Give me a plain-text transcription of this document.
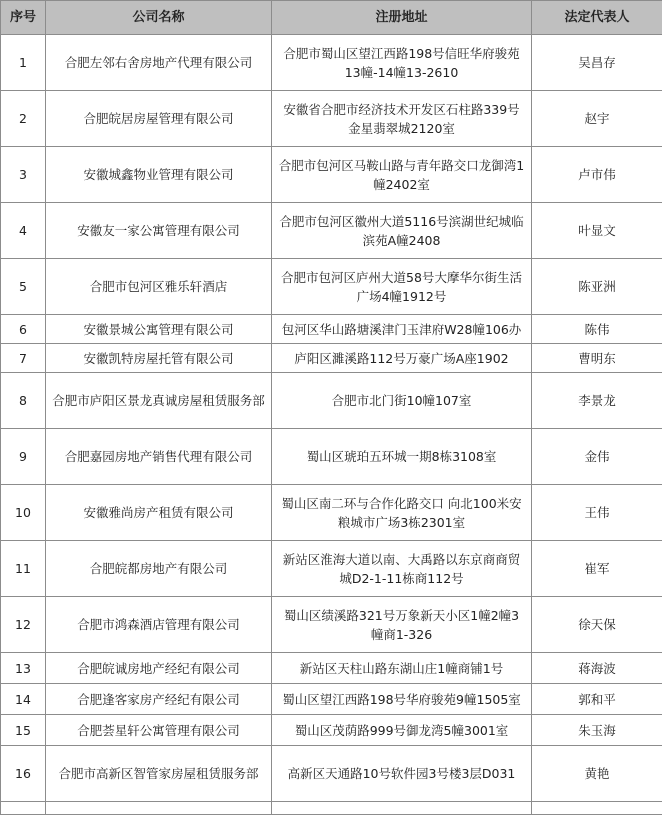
序号	公司名称	注册地址	法定代表人
1	合肥左邻右舍房地产代理有限公司	合肥市蜀山区望江西路198号信旺华府骏苑13幢-14幢13-2610	吴昌存
2	合肥皖居房屋管理有限公司	安徽省合肥市经济技术开发区石柱路339号金星翡翠城2120室	赵宇
3	安徽城鑫物业管理有限公司	合肥市包河区马鞍山路与青年路交口龙御湾1幢2402室	卢市伟
4	安徽友一家公寓管理有限公司	合肥市包河区徽州大道5116号滨湖世纪城临滨苑A幢2408	叶显文
5	合肥市包河区雅乐轩酒店	合肥市包河区庐州大道58号大摩华尔街生活广场4幢1912号	陈亚洲
6	安徽景城公寓管理有限公司	包河区华山路塘溪津门玉津府W28幢106办	陈伟
7	安徽凯特房屋托管有限公司	庐阳区濉溪路112号万豪广场A座1902	曹明东
8	合肥市庐阳区景龙真诚房屋租赁服务部	合肥市北门街10幢107室	李景龙
9	合肥嘉园房地产销售代理有限公司	蜀山区琥珀五环城一期8栋3108室	金伟
10	安徽雅尚房产租赁有限公司	蜀山区南二环与合作化路交口 向北100米安粮城市广场3栋2301室	王伟
11	合肥皖都房地产有限公司	新站区淮海大道以南、大禹路以东京商商贸城D2-1-11栋商112号	崔军
12	合肥市鸿森酒店管理有限公司	蜀山区绩溪路321号万象新天小区1幢2幢3幢商1-326	徐天保
13	合肥皖诚房地产经纪有限公司	新站区天柱山路东湖山庄1幢商铺1号	蒋海波
14	合肥逢客家房产经纪有限公司	蜀山区望江西路198号华府骏苑9幢1505室	郭和平
15	合肥荟星轩公寓管理有限公司	蜀山区茂荫路999号御龙湾5幢3001室	朱玉海
16	合肥市高新区智管家房屋租赁服务部	高新区天通路10号软件园3号楼3层D031	黄艳
